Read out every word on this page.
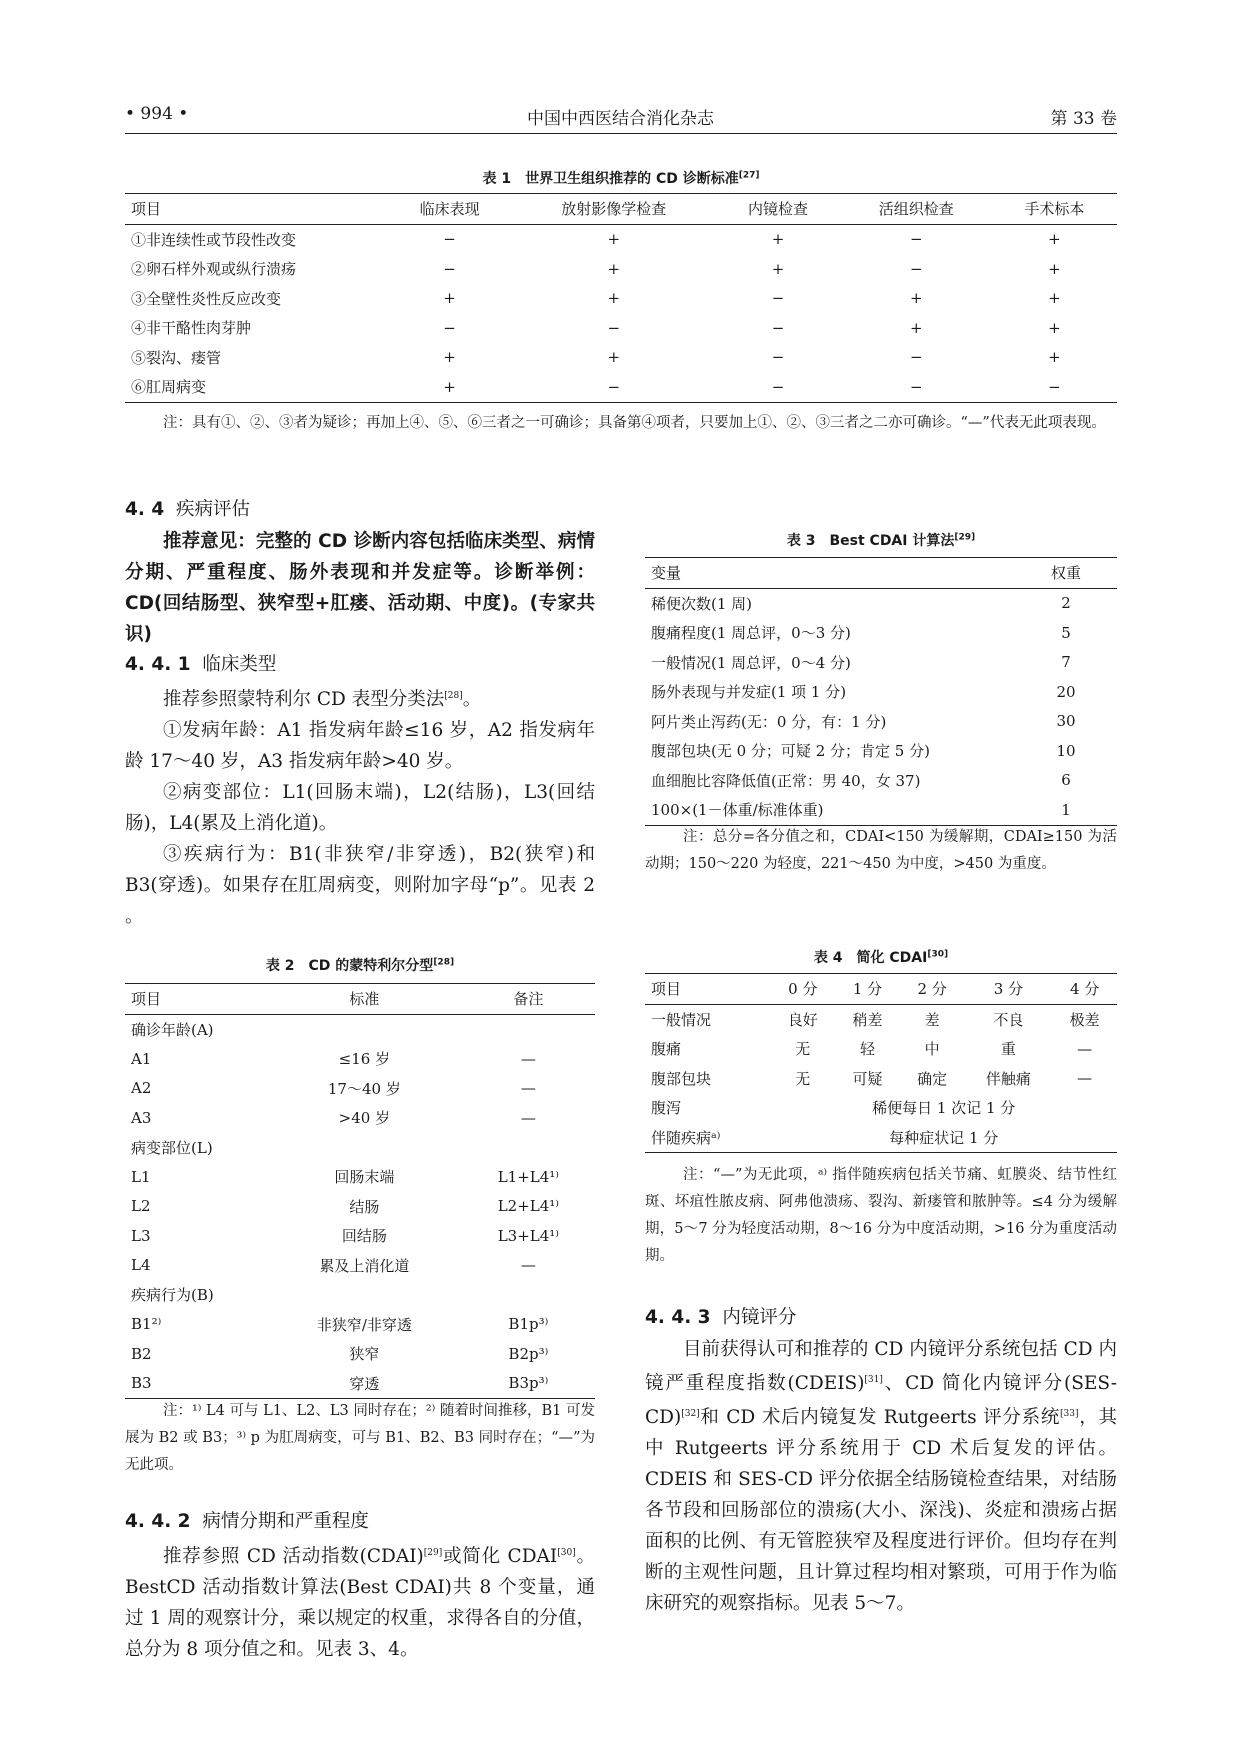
• 994 •	中国中西医结合消化杂志	第 33 卷
表 1　世界卫生组织推荐的 CD 诊断标准[27]
项目	临床表现	放射影像学检查	内镜检查	活组织检查	手术标本
①非连续性或节段性改变	−	+	+	−	+
②卵石样外观或纵行溃疡	−	+	+	−	+
③全壁性炎性反应改变	+	+	−	+	+
④非干酪性肉芽肿	−	−	−	+	+
⑤裂沟、瘘管	+	+	−	−	+
⑥肛周病变	+	−	−	−	−
注：具有①、②、③者为疑诊；再加上④、⑤、⑥三者之一可确诊；具备第④项者，只要加上①、②、③三者之二亦可确诊。“—”代表无此项表现。
4. 4 疾病评估
推荐意见：完整的 CD 诊断内容包括临床类型、病情分期、严重程度、肠外表现和并发症等。诊断举例：CD(回结肠型、狭窄型+肛瘘、活动期、中度)。(专家共识)
4. 4. 1 临床类型
推荐参照蒙特利尔 CD 表型分类法[28]。
①发病年龄：A1 指发病年龄≤16 岁，A2 指发病年龄 17～40 岁，A3 指发病年龄>40 岁。
②病变部位：L1(回肠末端)，L2(结肠)，L3(回结肠)，L4(累及上消化道)。
③疾病行为：B1(非狭窄/非穿透)，B2(狭窄)和 B3(穿透)。如果存在肛周病变，则附加字母“p”。见表 2 。
表 2　CD 的蒙特利尔分型[28]
项目	标准	备注
确诊年龄(A)		
A1	≤16 岁	—
A2	17～40 岁	—
A3	>40 岁	—
病变部位(L)		
L1	回肠末端	L1+L4¹⁾
L2	结肠	L2+L4¹⁾
L3	回结肠	L3+L4¹⁾
L4	累及上消化道	—
疾病行为(B)		
B1²⁾	非狭窄/非穿透	B1p³⁾
B2	狭窄	B2p³⁾
B3	穿透	B3p³⁾
注：¹⁾ L4 可与 L1、L2、L3 同时存在；²⁾ 随着时间推移，B1 可发展为 B2 或 B3；³⁾ p 为肛周病变，可与 B1、B2、B3 同时存在；“—”为无此项。
4. 4. 2 病情分期和严重程度
推荐参照 CD 活动指数(CDAI)[29]或简化 CDAI[30]。BestCD 活动指数计算法(Best CDAI)共 8 个变量，通过 1 周的观察计分，乘以规定的权重，求得各自的分值，总分为 8 项分值之和。见表 3、4。
表 3　Best CDAI 计算法[29]
变量	权重
稀便次数(1 周)	2
腹痛程度(1 周总评，0～3 分)	5
一般情况(1 周总评，0～4 分)	7
肠外表现与并发症(1 项 1 分)	20
阿片类止泻药(无：0 分，有：1 分)	30
腹部包块(无 0 分；可疑 2 分；肯定 5 分)	10
血细胞比容降低值(正常：男 40，女 37)	6
100×(1－体重/标准体重)	1
注：总分=各分值之和，CDAI<150 为缓解期，CDAI≥150 为活动期；150～220 为轻度，221～450 为中度，>450 为重度。
表 4　简化 CDAI[30]
项目	0 分	1 分	2 分	3 分	4 分
一般情况	良好	稍差	差	不良	极差
腹痛	无	轻	中	重	—
腹部包块	无	可疑	确定	伴触痛	—
腹泻	稀便每日 1 次记 1 分				
伴随疾病ᵃ⁾	每种症状记 1 分				
注：“—”为无此项，ᵃ⁾ 指伴随疾病包括关节痛、虹膜炎、结节性红斑、坏疽性脓皮病、阿弗他溃疡、裂沟、新瘘管和脓肿等。≤4 分为缓解期，5～7 分为轻度活动期，8～16 分为中度活动期，>16 分为重度活动期。
4. 4. 3 内镜评分
目前获得认可和推荐的 CD 内镜评分系统包括 CD 内镜严重程度指数(CDEIS)[31]、CD 简化内镜评分(SES-CD)[32]和 CD 术后内镜复发 Rutgeerts 评分系统[33]，其中 Rutgeerts 评分系统用于 CD 术后复发的评估。CDEIS 和 SES-CD 评分依据全结肠镜检查结果，对结肠各节段和回肠部位的溃疡(大小、深浅)、炎症和溃疡占据面积的比例、有无管腔狭窄及程度进行评价。但均存在判断的主观性问题，且计算过程均相对繁琐，可用于作为临床研究的观察指标。见表 5～7。
